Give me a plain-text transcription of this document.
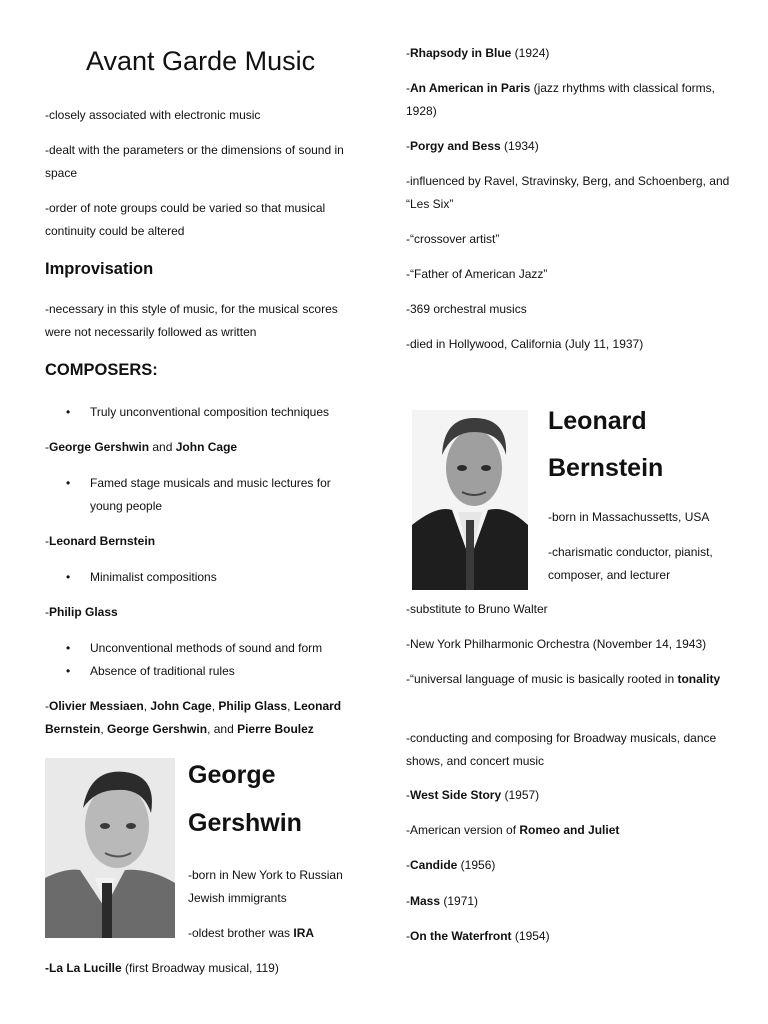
Avant Garde Music

-closely associated with electronic music

-dealt with the parameters or the dimensions of sound in space

-order of note groups could be varied so that musical continuity could be altered

Improvisation

-necessary in this style of music, for the musical scores were not necessarily followed as written

COMPOSERS:
• Truly unconventional composition techniques

-George Gershwin and John Cage

• Famed stage musicals and music lectures for young people

-Leonard Bernstein

• Minimalist compositions

-Philip Glass

• Unconventional methods of sound and form
• Absence of traditional rules

-Olivier Messiaen, John Cage, Philip Glass, Leonard Bernstein, George Gershwin, and Pierre Boulez

George
Gershwin

-born in New York to Russian Jewish immigrants

-oldest brother was IRA

-La La Lucille (first Broadway musical, 119)

-Rhapsody in Blue (1924)

-An American in Paris (jazz rhythms with classical forms, 1928)

-Porgy and Bess (1934)

-influenced by Ravel, Stravinsky, Berg, and Schoenberg, and “Les Six”

-“crossover artist”

-“Father of American Jazz”

-369 orchestral musics

-died in Hollywood, California (July 11, 1937)

Leonard
Bernstein

-born in Massachussetts, USA

-charismatic conductor, pianist, composer, and lecturer

-substitute to Bruno Walter

-New York Philharmonic Orchestra (November 14, 1943)

-“universal language of music is basically rooted in tonality

-conducting and composing for Broadway musicals, dance shows, and concert music

-West Side Story (1957)

-American version of Romeo and Juliet

-Candide (1956)

-Mass (1971)

-On the Waterfront (1954)
